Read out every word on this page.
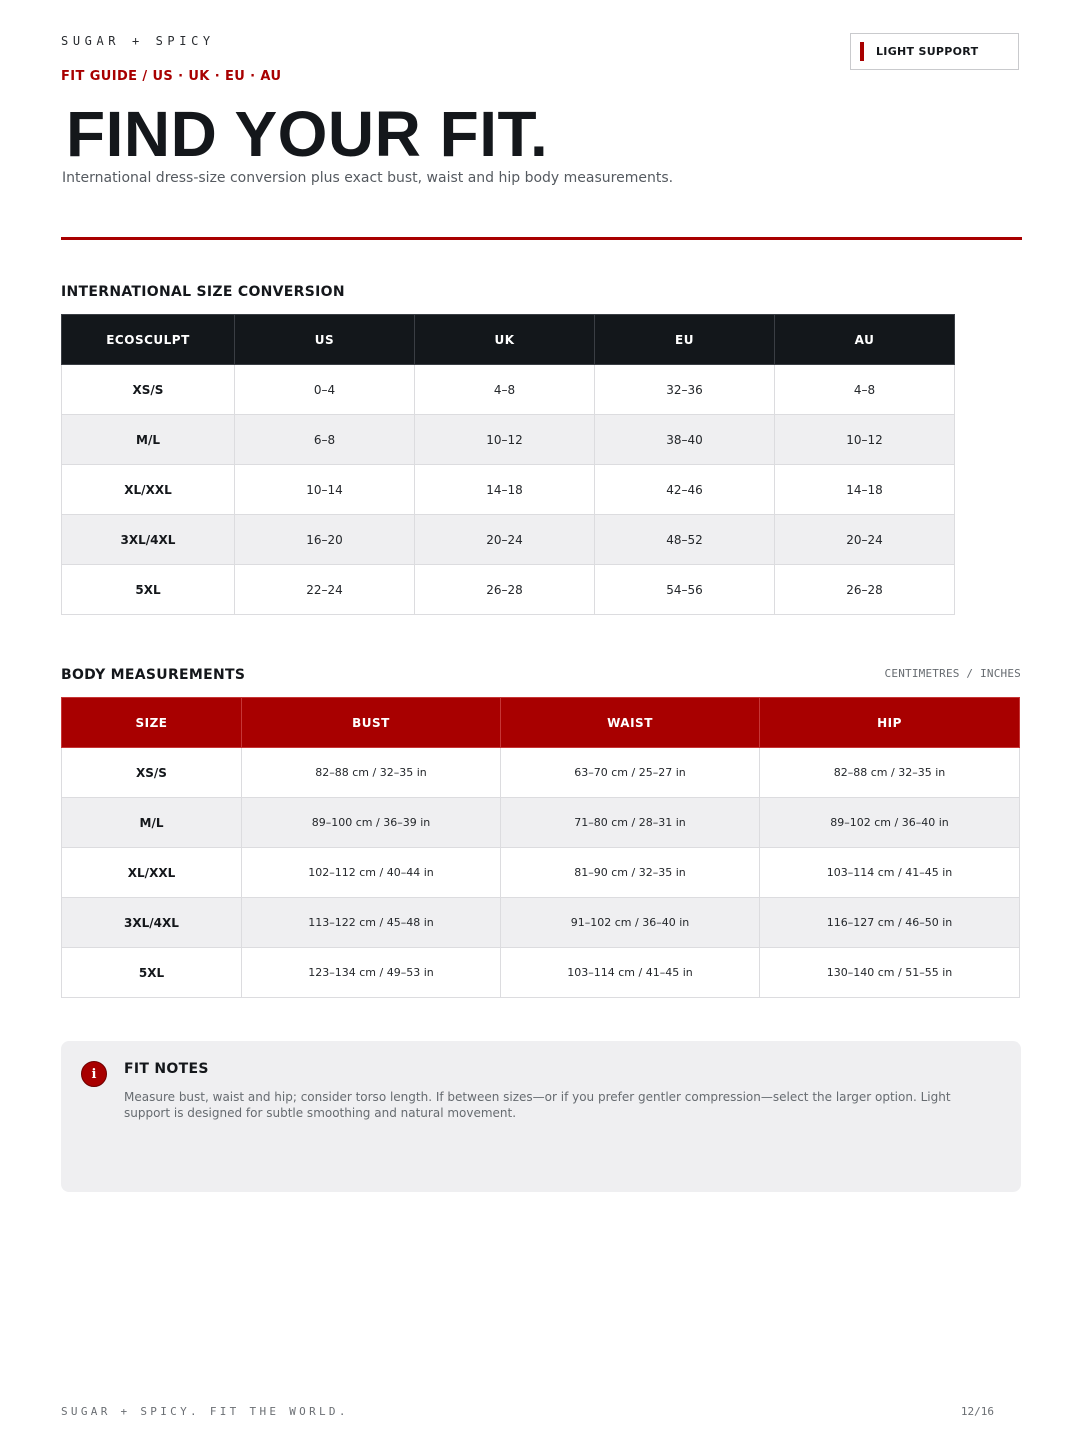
SUGAR + SPICY
LIGHT SUPPORT
FIT GUIDE / US · UK · EU · AU
FIND YOUR FIT.
International dress-size conversion plus exact bust, waist and hip body measurements.
INTERNATIONAL SIZE CONVERSION
ECOSCULPT	US	UK	EU	AU
XS/S	0–4	4–8	32–36	4–8
M/L	6–8	10–12	38–40	10–12
XL/XXL	10–14	14–18	42–46	14–18
3XL/4XL	16–20	20–24	48–52	20–24
5XL	22–24	26–28	54–56	26–28
BODY MEASUREMENTS	CENTIMETRES / INCHES
SIZE	BUST	WAIST	HIP
XS/S	82–88 cm / 32–35 in	63–70 cm / 25–27 in	82–88 cm / 32–35 in
M/L	89–100 cm / 36–39 in	71–80 cm / 28–31 in	89–102 cm / 36–40 in
XL/XXL	102–112 cm / 40–44 in	81–90 cm / 32–35 in	103–114 cm / 41–45 in
3XL/4XL	113–122 cm / 45–48 in	91–102 cm / 36–40 in	116–127 cm / 46–50 in
5XL	123–134 cm / 49–53 in	103–114 cm / 41–45 in	130–140 cm / 51–55 in
i	FIT NOTES
Measure bust, waist and hip; consider torso length. If between sizes—or if you prefer gentler compression—select the larger option. Light support is designed for subtle smoothing and natural movement.
SUGAR + SPICY. FIT THE WORLD.	12/16
